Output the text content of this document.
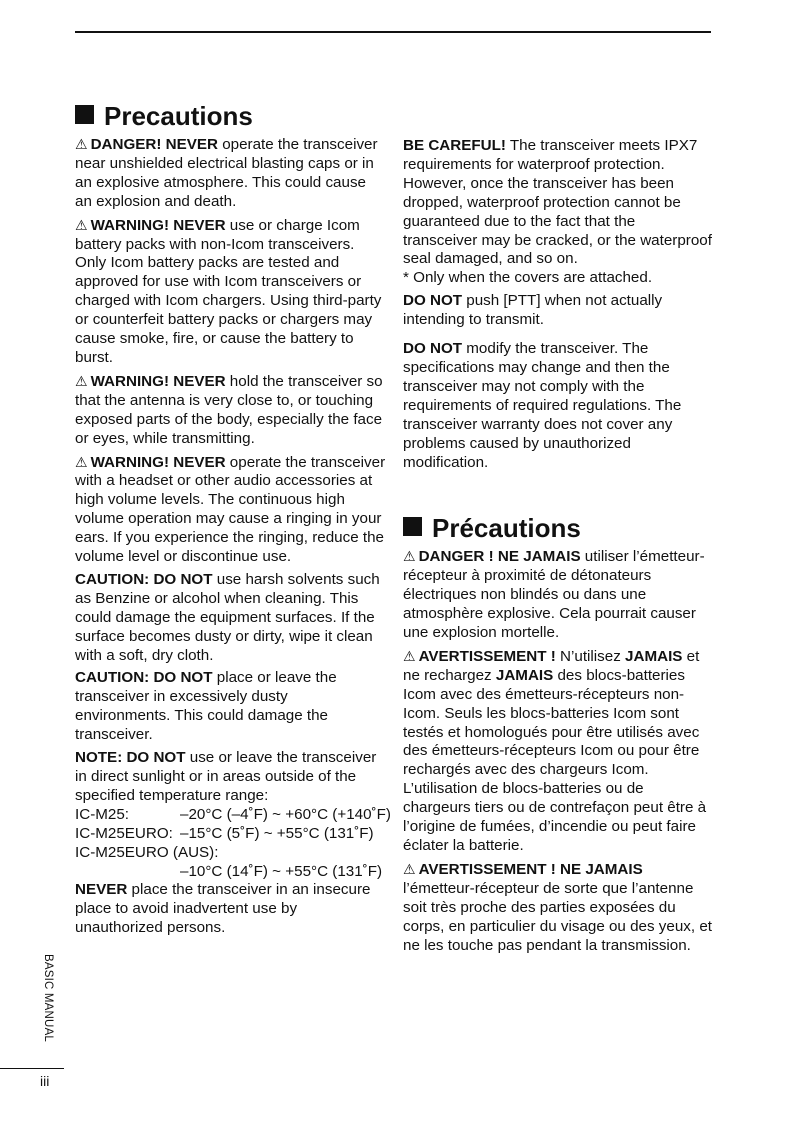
Precautions

⚠ DANGER! NEVER operate the transceiver near unshielded electrical blasting caps or in an explosive atmosphere. This could cause an explosion and death.

⚠ WARNING! NEVER use or charge Icom battery packs with non-Icom transceivers. Only Icom battery packs are tested and approved for use with Icom transceivers or charged with Icom chargers. Using third-party or counterfeit battery packs or chargers may cause smoke, fire, or cause the battery to burst.

⚠ WARNING! NEVER hold the transceiver so that the antenna is very close to, or touching exposed parts of the body, especially the face or eyes, while transmitting.

⚠ WARNING! NEVER operate the transceiver with a headset or other audio accessories at high volume levels. The continuous high volume operation may cause a ringing in your ears. If you experience the ringing, reduce the volume level or discontinue use.

CAUTION: DO NOT use harsh solvents such as Benzine or alcohol when cleaning. This could damage the equipment surfaces. If the surface becomes dusty or dirty, wipe it clean with a soft, dry cloth.

CAUTION: DO NOT place or leave the transceiver in excessively dusty environments. This could damage the transceiver.

NOTE: DO NOT use or leave the transceiver in direct sunlight or in areas outside of the specified temperature range:

IC-M25:	–20°C (–4˚F) ~ +60°C (+140˚F)
IC-M25EURO: –15°C (5˚F) ~ +55°C (131˚F)
IC-M25EURO (AUS):
–10°C (14˚F) ~ +55°C (131˚F)

NEVER place the transceiver in an insecure place to avoid inadvertent use by unauthorized persons.

BE CAREFUL! The transceiver meets IPX7 requirements for waterproof protection. However, once the transceiver has been dropped, waterproof protection cannot be guaranteed due to the fact that the transceiver may be cracked, or the waterproof seal damaged, and so on.

* Only when the covers are attached.

DO NOT push [PTT] when not actually intending to transmit.

DO NOT modify the transceiver. The specifications may change and then the transceiver may not comply with the requirements of required regulations. The transceiver warranty does not cover any problems caused by unauthorized modification.

Précautions

⚠ DANGER ! NE JAMAIS utiliser l’émetteur-récepteur à proximité de détonateurs électriques non blindés ou dans une atmosphère explosive. Cela pourrait causer une explosion mortelle.

⚠ AVERTISSEMENT ! N’utilisez JAMAIS et ne rechargez JAMAIS des blocs-batteries Icom avec des émetteurs-récepteurs non-Icom. Seuls les blocs-batteries Icom sont testés et homologués pour être utilisés avec des émetteurs-récepteurs Icom ou pour être rechargés avec des chargeurs Icom. L’utilisation de blocs-batteries ou de chargeurs tiers ou de contrefaçon peut être à l’origine de fumées, d’incendie ou peut faire éclater la batterie.

⚠ AVERTISSEMENT ! NE JAMAIS
l’émetteur-récepteur de sorte que l’antenne soit très proche des parties exposées du corps, en particulier du visage ou des yeux, et ne les touche pas pendant la transmission.

BASIC MANUAL
iii
